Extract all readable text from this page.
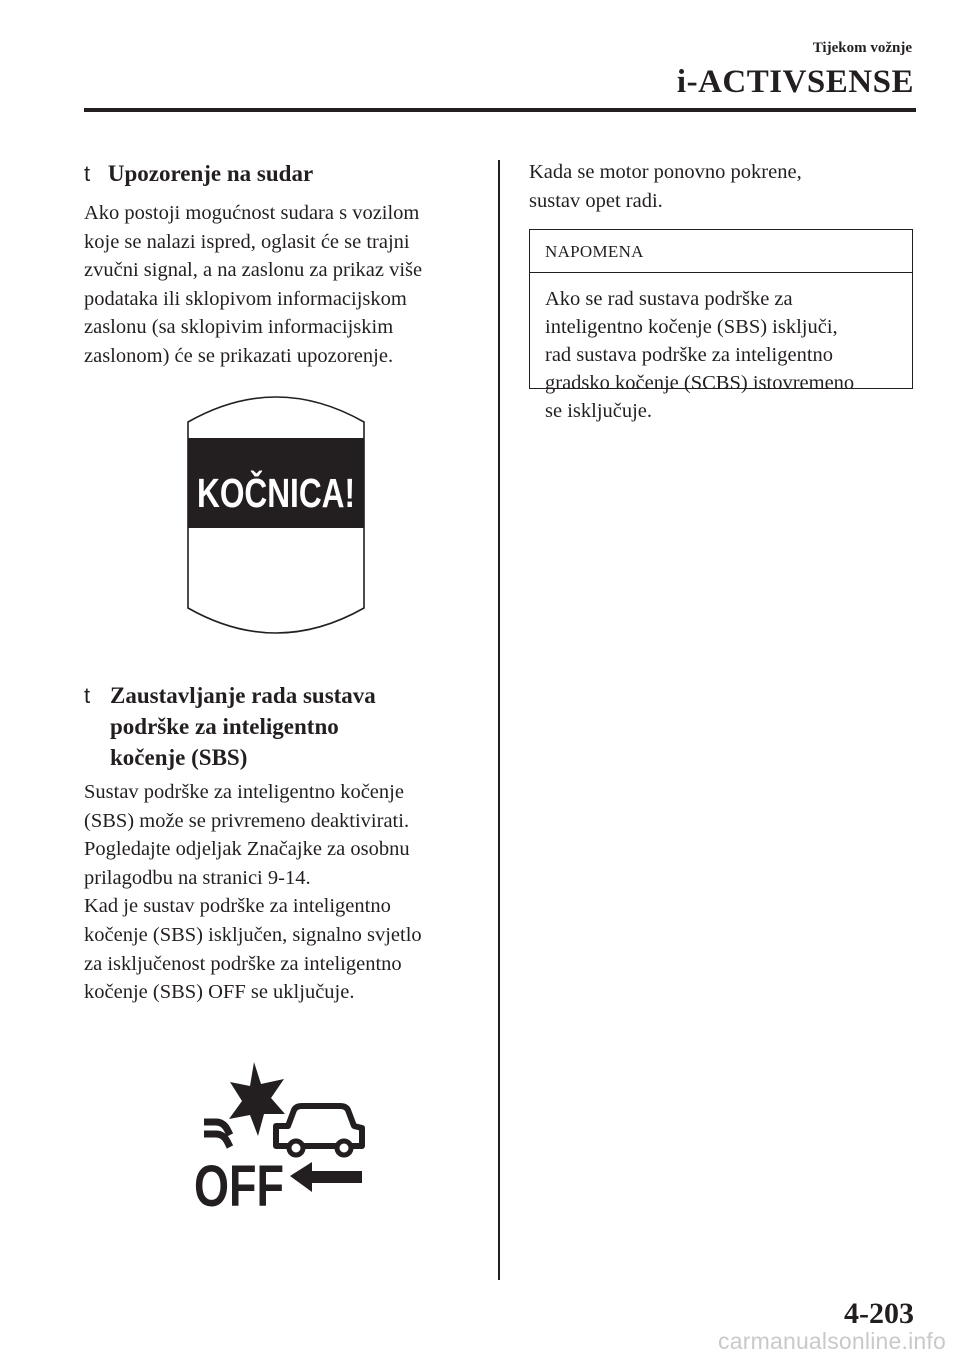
Tijekom vožnje
i-ACTIVSENSE
t Upozorenje na sudar
Ako postoji mogućnost sudara s vozilom
koje se nalazi ispred, oglasit će se trajni
zvučni signal, a na zaslonu za prikaz više
podataka ili sklopivom informacijskom
zaslonu (sa sklopivim informacijskim
zaslonom) će se prikazati upozorenje.
KOČNICA!
t Zaustavljanje rada sustava
podrške za inteligentno
kočenje (SBS)
Sustav podrške za inteligentno kočenje
(SBS) može se privremeno deaktivirati.
Pogledajte odjeljak Značajke za osobnu
prilagodbu na stranici 9-14.
Kad je sustav podrške za inteligentno
kočenje (SBS) isključen, signalno svjetlo
za isključenost podrške za inteligentno
kočenje (SBS) OFF se uključuje.
OFF
Kada se motor ponovno pokrene,
sustav opet radi.
NAPOMENA
Ako se rad sustava podrške za
inteligentno kočenje (SBS) isključi,
rad sustava podrške za inteligentno
gradsko kočenje (SCBS) istovremeno
se isključuje.
4-203
carmanualsonline.info
